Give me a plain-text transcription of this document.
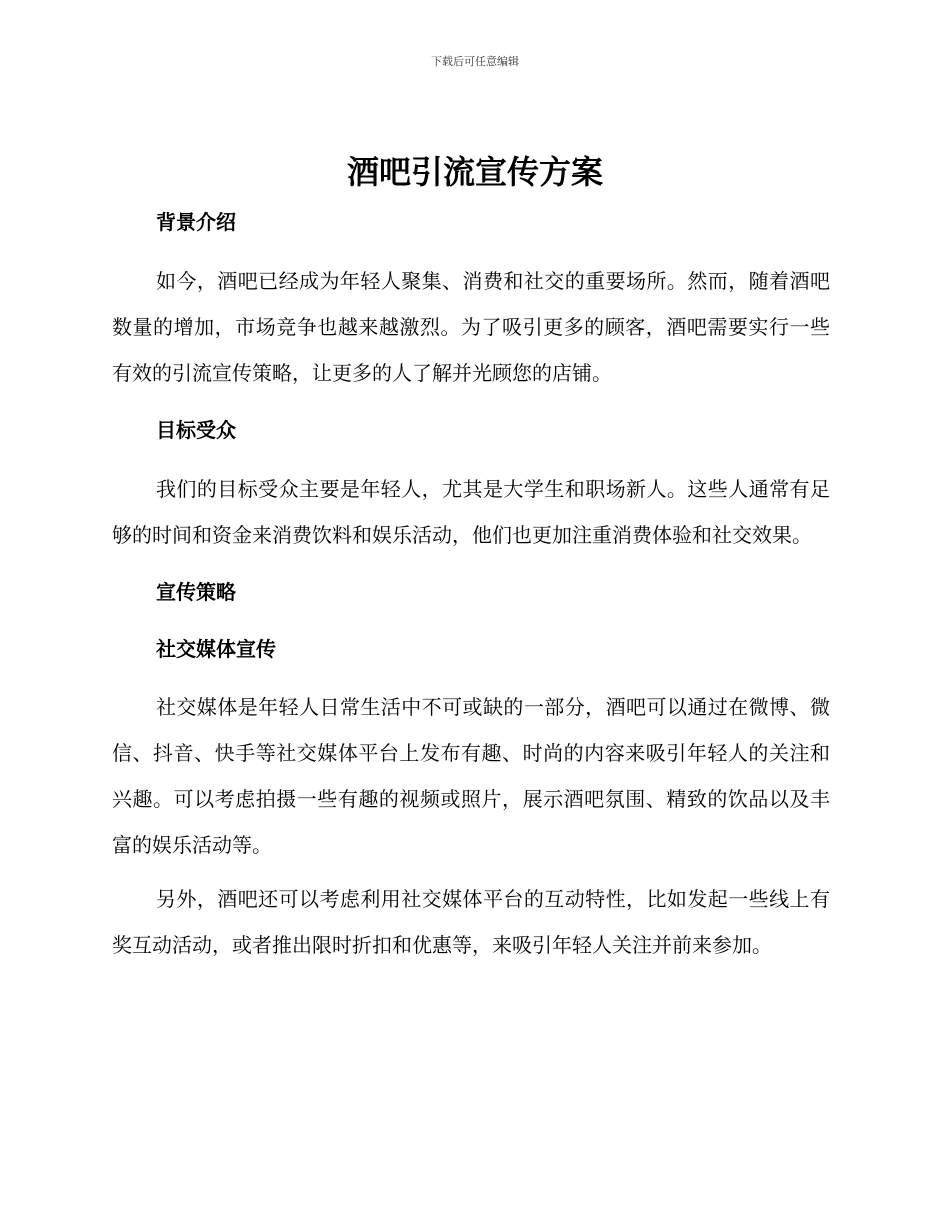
下载后可任意编辑
酒吧引流宣传方案
背景介绍

如今，酒吧已经成为年轻人聚集、消费和社交的重要场所。然而，随着酒吧数量的增加，市场竞争也越来越激烈。为了吸引更多的顾客，酒吧需要实行一些有效的引流宣传策略，让更多的人了解并光顾您的店铺。

目标受众

我们的目标受众主要是年轻人，尤其是大学生和职场新人。这些人通常有足够的时间和资金来消费饮料和娱乐活动，他们也更加注重消费体验和社交效果。

宣传策略
社交媒体宣传

社交媒体是年轻人日常生活中不可或缺的一部分，酒吧可以通过在微博、微信、抖音、快手等社交媒体平台上发布有趣、时尚的内容来吸引年轻人的关注和兴趣。可以考虑拍摄一些有趣的视频或照片，展示酒吧氛围、精致的饮品以及丰富的娱乐活动等。

另外，酒吧还可以考虑利用社交媒体平台的互动特性，比如发起一些线上有奖互动活动，或者推出限时折扣和优惠等，来吸引年轻人关注并前来参加。
